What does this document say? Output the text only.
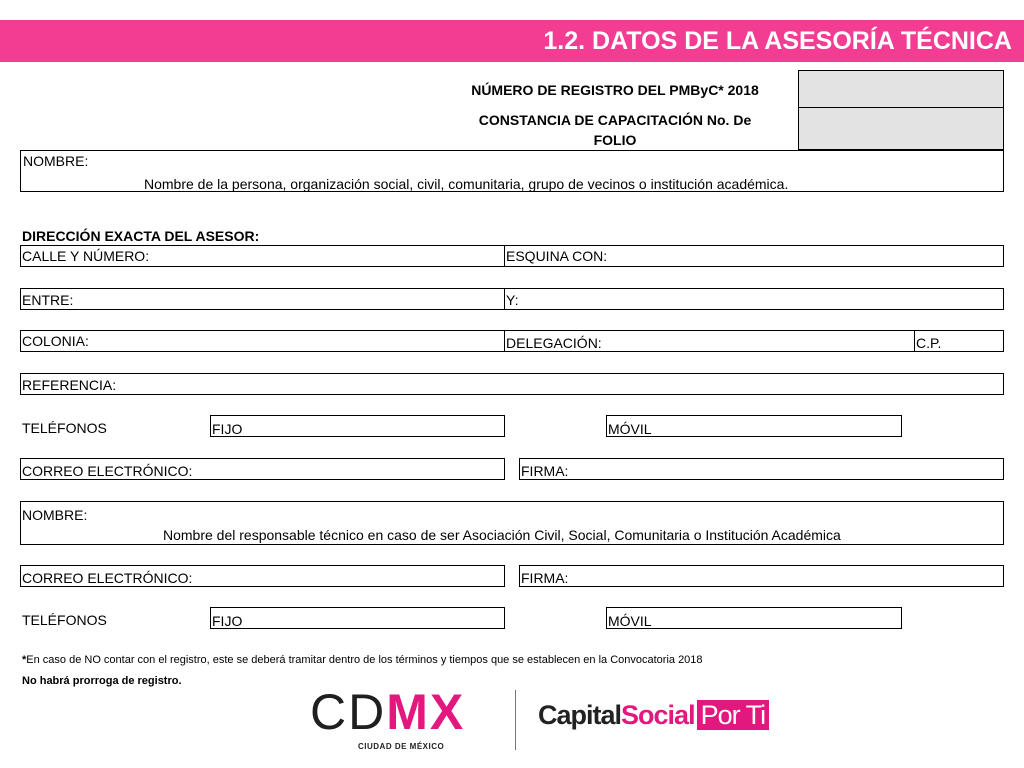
1.2. DATOS DE LA ASESORÍA TÉCNICA
NÚMERO DE REGISTRO DEL PMByC* 2018
CONSTANCIA DE CAPACITACIÓN No. De
FOLIO
NOMBRE:
Nombre de la persona, organización social, civil, comunitaria, grupo de vecinos o institución académica.
DIRECCIÓN EXACTA DEL ASESOR:
CALLE Y NÚMERO:	ESQUINA CON:
ENTRE:	Y:
COLONIA:	DELEGACIÓN:	C.P.
REFERENCIA:
TELÉFONOS	FIJO	MÓVIL
CORREO ELECTRÓNICO:	FIRMA:
NOMBRE:
Nombre del responsable técnico en caso de ser Asociación Civil, Social, Comunitaria o Institución Académica
CORREO ELECTRÓNICO:	FIRMA:
TELÉFONOS	FIJO	MÓVIL
*En caso de NO contar con el registro, este se deberá tramitar dentro de los términos y tiempos que se establecen en la Convocatoria 2018
No habrá prorroga de registro.
CDMX
CIUDAD DE MÉXICO
CapitalSocial Por Ti
